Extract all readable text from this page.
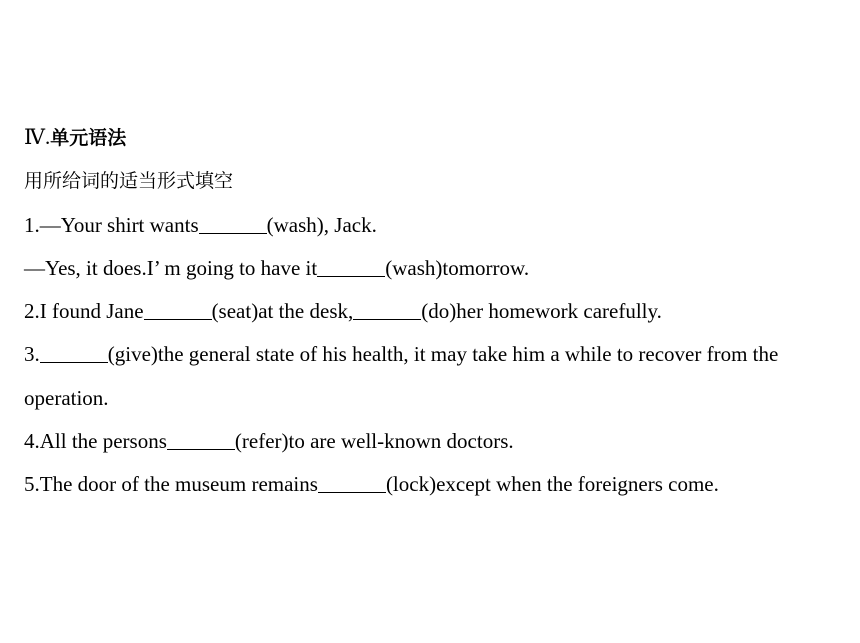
Ⅳ.单元语法
用所给词的适当形式填空
1.—Your shirt wants	(wash), Jack.
—Yes, it does.I’ m going to have it	(wash)tomorrow.
2.I found Jane	(seat)at the desk,	(do)her homework carefully.
3.	(give)the general state of his health, it may take him a while to recover from the operation.
4.All the persons	(refer)to are well-known doctors.
5.The door of the museum remains	(lock)except when the foreigners come.
